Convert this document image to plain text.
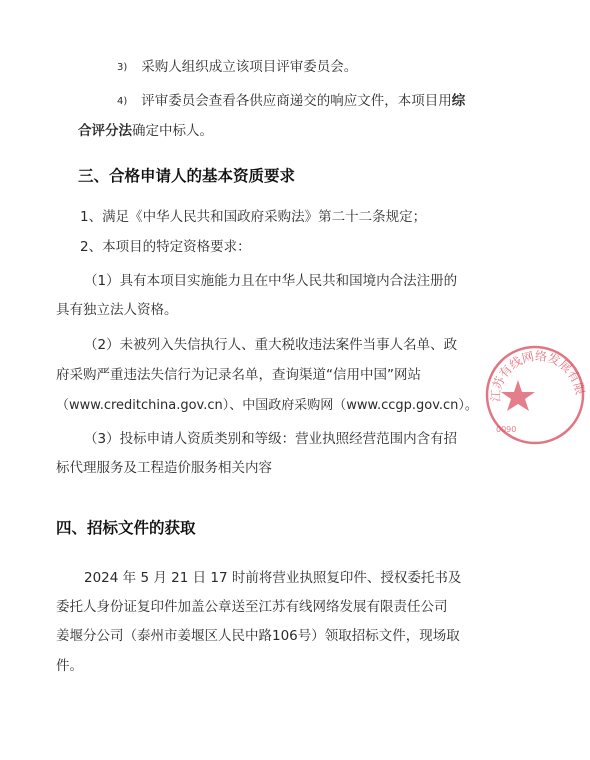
3) 采购人组织成立该项目评审委员会。
4) 评审委员会查看各供应商递交的响应文件，本项目用综
合评分法确定中标人。
三、合格申请人的基本资质要求
1、满足《中华人民共和国政府采购法》第二十二条规定；
2、本项目的特定资格要求：
（1）具有本项目实施能力且在中华人民共和国境内合法注册的
具有独立法人资格。
（2）未被列入失信执行人、重大税收违法案件当事人名单、政
府采购严重违法失信行为记录名单，查询渠道“信用中国”网站
（www.creditchina.gov.cn）、中国政府采购网（www.ccgp.gov.cn）。
（3）投标申请人资质类别和等级：营业执照经营范围内含有招
标代理服务及工程造价服务相关内容
四、招标文件的获取
2024 年 5 月 21 日 17 时前将营业执照复印件、授权委托书及
委托人身份证复印件加盖公章送至江苏有线网络发展有限责任公司
姜堰分公司（泰州市姜堰区人民中路106号）领取招标文件，现场取
件。
江苏有线网络发展有限
0090
